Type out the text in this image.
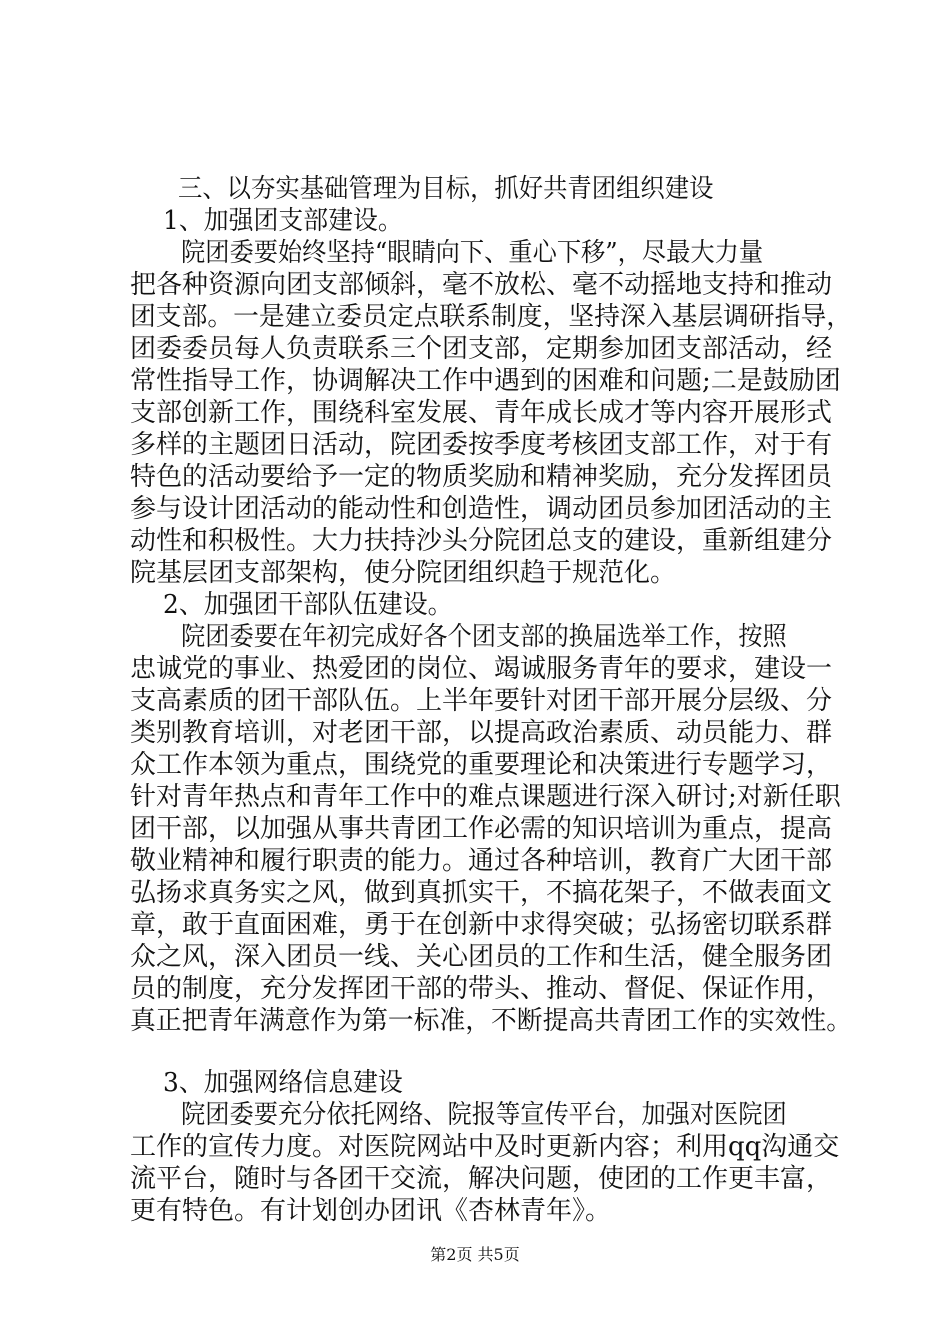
三、以夯实基础管理为目标，抓好共青团组织建设
1、加强团支部建设。
院团委要始终坚持“眼睛向下、重心下移”，尽最大力量
把各种资源向团支部倾斜，毫不放松、毫不动摇地支持和推动
团支部。一是建立委员定点联系制度，坚持深入基层调研指导，
团委委员每人负责联系三个团支部，定期参加团支部活动，经
常性指导工作，协调解决工作中遇到的困难和问题;二是鼓励团
支部创新工作，围绕科室发展、青年成长成才等内容开展形式
多样的主题团日活动，院团委按季度考核团支部工作，对于有
特色的活动要给予一定的物质奖励和精神奖励，充分发挥团员
参与设计团活动的能动性和创造性，调动团员参加团活动的主
动性和积极性。大力扶持沙头分院团总支的建设，重新组建分
院基层团支部架构，使分院团组织趋于规范化。
2、加强团干部队伍建设。
院团委要在年初完成好各个团支部的换届选举工作，按照
忠诚党的事业、热爱团的岗位、竭诚服务青年的要求，建设一
支高素质的团干部队伍。上半年要针对团干部开展分层级、分
类别教育培训，对老团干部，以提高政治素质、动员能力、群
众工作本领为重点，围绕党的重要理论和决策进行专题学习，
针对青年热点和青年工作中的难点课题进行深入研讨;对新任职
团干部，以加强从事共青团工作必需的知识培训为重点，提高
敬业精神和履行职责的能力。通过各种培训，教育广大团干部
弘扬求真务实之风，做到真抓实干，不搞花架子，不做表面文
章，敢于直面困难，勇于在创新中求得突破；弘扬密切联系群
众之风，深入团员一线、关心团员的工作和生活，健全服务团
员的制度，充分发挥团干部的带头、推动、督促、保证作用，
真正把青年满意作为第一标准，不断提高共青团工作的实效性。
3、加强网络信息建设
院团委要充分依托网络、院报等宣传平台，加强对医院团
工作的宣传力度。对医院网站中及时更新内容；利用qq沟通交
流平台，随时与各团干交流，解决问题，使团的工作更丰富，
更有特色。有计划创办团讯《杏林青年》。
第2页 共5页
